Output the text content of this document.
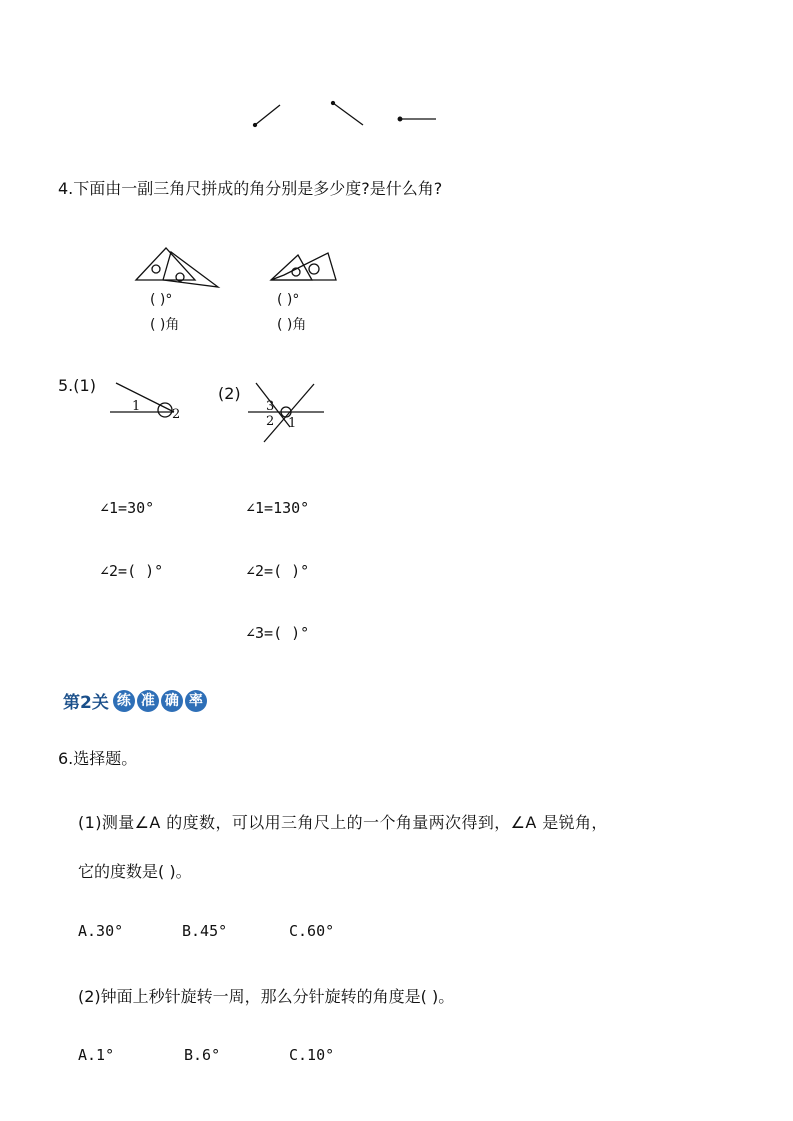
4.下面由一副三角尺拼成的角分别是多少度?是什么角?
( )°
( )角
( )°
( )角
5.(1)
1
2
(2)
3
2 1
∠1=30°
∠2=( )°
∠1=130°
∠2=( )°
∠3=( )°
第2关 练 准 确 率
6.选择题。
(1)测量∠A 的度数，可以用三角尺上的一个角量两次得到，∠A 是锐角，
它的度数是( )。
A.30°	B.45°	C.60°
(2)钟面上秒针旋转一周，那么分针旋转的角度是( )。
A.1°	B.6°	C.10°
